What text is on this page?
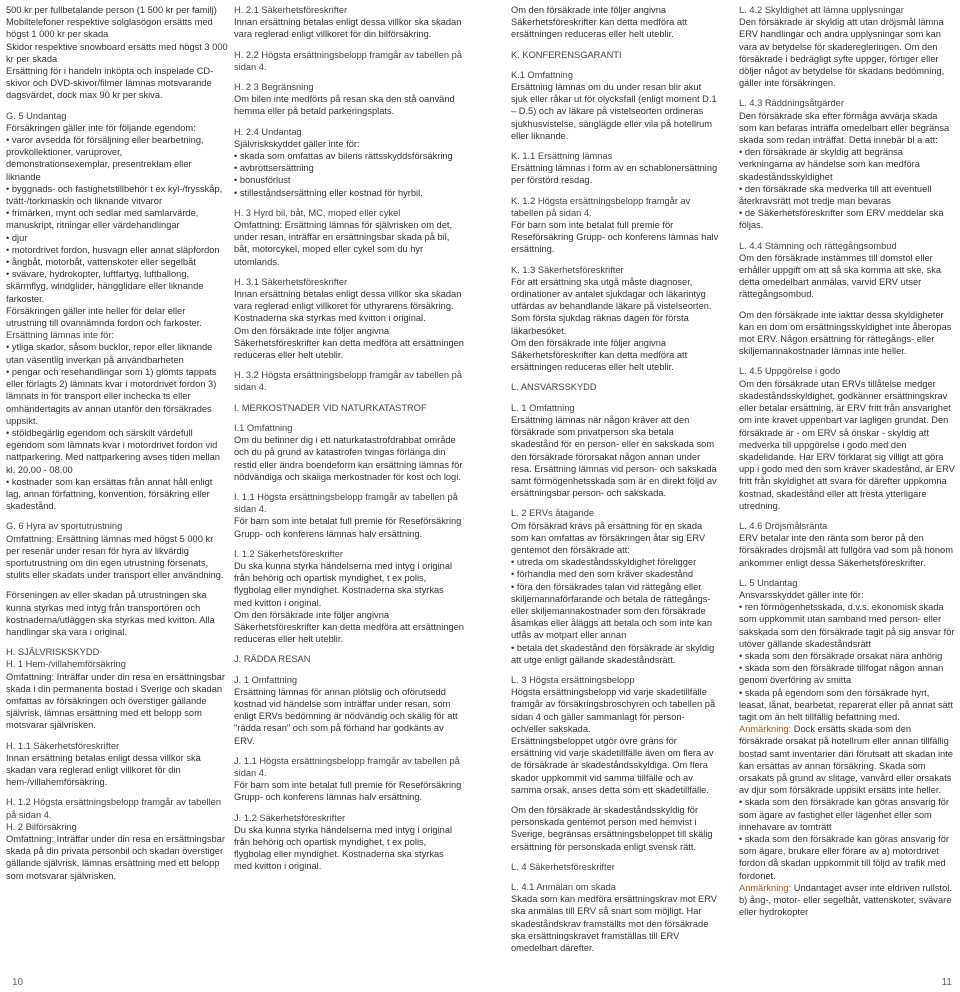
500 kr per fullbetalande person (1 500 kr per familj)

Mobiltelefoner respektive solglasögon ersätts med högst 1 000 kr per skada

Skidor respektive snowboard ersätts med högst 3 000 kr per skada

Ersättning för i handeln inköpta och inspelade CD-skivor och DVD-skivor/filmer lämnas motsvarande dagsvärdet, dock max 90 kr per skiva.

G. 5 Undantag

Försäkringen gäller inte för följande egendom:

• varor avsedda för försäljning eller bearbetning, provkollektioner, varuprover, demonstrationsexemplar, presentreklam eller liknande

• byggnads- och fastighetstillbehör t ex kyl-/frysskåp, tvätt-/torkmaskin och liknande vitvaror

• frimärken, mynt och sedlar med samlarvärde, manuskript, ritningar eller värdehandlingar

• djur

• motordrivet fordon, husvagn eller annat släpfordon

• ångbåt, motorbåt, vattenskoter eller segelbåt

• svävare, hydrokopter, luftfartyg, luftballong, skärmflyg, windglider, hängglidare eller liknande farkoster.

Försäkringen gäller inte heller för delar eller utrustning till ovannämnda fordon och farkoster.

Ersättning lämnas inte för:

• ytliga skador, såsom bucklor, repor eller liknande utan väsentlig inverkan på användbarheten

• pengar och resehandlingar som 1) glömts tappats eller förlagts 2) lämnats kvar i motordrivet fordon 3) lämnats in för transport eller inchecka ts eller omhändertagits av annan utanför den försäkrades uppsikt.

• stöldbegärlig egendom och särskilt värdefull egendom som lämnats kvar i motordrivet fordon vid nattparkering. Med nattparkering avses tiden mellan kl. 20.00 - 08.00

• kostnader som kan ersättas från annat håll enligt lag, annan författning, konvention, försäkring eller skadestånd.

G. 6 Hyra av sportutrustning

Omfattning: Ersättning lämnas med högst 5 000 kr per resenär under resan för hyra av likvärdig sportutrustning om din egen utrustning försenats, stulits eller skadats under transport eller användning.

Förseningen av eller skadan på utrustningen ska kunna styrkas med intyg från transportören och kostnaderna/utläggen ska styrkas med kvitton. Alla handlingar ska vara i original.

H. SJÄLVRISKSKYDD

H. 1 Hem-/villahemförsäkring

Omfattning: Inträffar under din resa en ersättningsbar skada i din permanenta bostad i Sverige och skadan omfattas av försäkringen och överstiger gällande självrisk, lämnas ersättning med ett belopp som motsvarar självrisken.

H. 1.1 Säkerhetsföreskrifter

Innan ersättning betalas enligt dessa villkor ska skadan vara reglerad enligt villkoret för din hem-/villahemförsäkring.

H. 1.2 Högsta ersättningsbelopp framgår av tabellen på sidan 4.

H. 2 Bilförsäkring

Omfattning: Inträffar under din resa en ersättningsbar skada på din privata personbil och skadan överstiger gällande självrisk, lämnas ersättning med ett belopp som motsvarar självrisken.

H. 2.1 Säkerhetsföreskrifter

Innan ersättning betalas enligt dessa villkor ska skadan vara reglerad enligt villkoret för din bilförsäkring.

H. 2.2 Högsta ersättningsbelopp framgår av tabellen på sidan 4.

H. 2 3 Begränsning

Om bilen inte medförts på resan ska den stå oanvänd hemma eller på betald parkeringsplats.

H. 2.4 Undantag

Självriskskyddet gäller inte för:

• skada som omfattas av bilens rättsskyddsförsäkring

• avbrottsersättning

• bonusförlust

• stilleståndsersättning eller kostnad för hyrbil.

H. 3 Hyrd bil, båt, MC, moped eller cykel

Omfattning: Ersättning lämnas för självrisken om det, under resan, inträffar en ersättningsbar skada på bil, båt, motorcykel, moped eller cykel som du hyr utomlands.

H. 3.1 Säkerhetsföreskrifter

Innan ersättning betalas enligt dessa villkor ska skadan vara reglerad enligt villkoret för uthyrarens försäkring. Kostnaderna ska styrkas med kvitton i original.

Om den försäkrade inte följer angivna Säkerhetsföreskrifter kan detta medföra att ersättningen reduceras eller helt uteblir.

H. 3.2 Högsta ersättningsbelopp framgår av tabellen på sidan 4.

I. MERKOSTNADER VID NATURKATASTROF

I.1 Omfattning

Om du befinner dig i ett naturkatastrofdrabbat område och du på grund av katastrofen tvingas förlänga din restid eller ändra boendeform kan ersättning lämnas för nödvändiga och skäliga merkostnader för kost och logi.

I. 1.1 Högsta ersättningsbelopp framgår av tabellen på sidan 4.

För barn som inte betalat full premie för Reseförsäkring Grupp- och konferens lämnas halv ersättning.

I. 1.2 Säkerhetsföreskrifter

Du ska kunna styrka händelserna med intyg i original från behörig och opartisk myndighet, t ex polis, flygbolag eller myndighet. Kostnaderna ska styrkas med kvitton i original.

Om den försäkrade inte följer angivna Säkerhetsföreskrifter kan detta medföra att ersättningen reduceras eller helt uteblir.

J. RÄDDA RESAN

J. 1 Omfattning

Ersättning lämnas för annan plötslig och oförutsedd kostnad vid händelse som inträffar under resan, som enligt ERVs bedömning är nödvändig och skälig för att "rädda resan" och som på förhand har godkänts av ERV.

J. 1.1 Högsta ersättningsbelopp framgår av tabellen på sidan 4.

För barn som inte betalat full premie för Reseförsäkring Grupp- och konferens lämnas halv ersättning.

J. 1.2 Säkerhetsföreskrifter

Du ska kunna styrka händelserna med intyg i original från behörig och opartisk myndighet, t ex polis, flygbolag eller myndighet. Kostnaderna ska styrkas med kvitton i original.

Om den försäkrade inte följer angivna Säkerhetsföreskrifter kan detta medföra att ersättningen reduceras eller helt uteblir.

K. KONFERENSGARANTI

K.1 Omfattning

Ersättning lämnas om du under resan blir akut sjuk eller råkar ut för olycksfall (enligt moment D.1 – D.5) och av läkare på vistelseorten ordineras sjukhusvistelse, sänglägde eller vila på hotellrum eller liknande.

K. 1.1 Ersättning lämnas

Ersättning lämnas i form av en schablonersättning per förstörd resdag.

K. 1.2 Högsta ersättningsbelopp framgår av tabellen på sidan 4.

För barn som inte betalat full premie för Reseförsäkring Grupp- och konferens lämnas halv ersättning.

K. 1.3 Säkerhetsföreskrifter

För att ersättning ska utgå måste diagnoser, ordinationer av antalet sjukdagar och läkarintyg utfärdas av behandlande läkare på vistelseorten. Som första sjukdag räknas dagen för första läkarbesöket.

Om den försäkrade inte följer angivna Säkerhetsföreskrifter kan detta medföra att ersättningen reduceras eller helt uteblir.

L. ANSVARSSKYDD

L. 1 Omfattning

Ersättning lämnas när någon kräver att den försäkrade som privatperson ska betala skadestånd för en person- eller en sakskada som den försäkrade förorsakat någon annan under resa. Ersättning lämnas vid person- och sakskada samt förmögenhetsskada som är en direkt följd av ersättningsbar person- och sakskada.

L. 2 ERVs åtagande

Om försäkrad krävs på ersättning för en skada som kan omfattas av försäkringen åtar sig ERV gentemot den försäkrade att:

• utreda om skadeståndsskyldighet föreligger

• förhandla med den som kräver skadestånd

• föra den försäkrades talan vid rättegång eller skiljemannaförfarande och betala de rättegångs- eller skiljemannakostnader som den försäkrade åsamkas eller åläggs att betala och som inte kan utfås av motpart eller annan

• betala det skadestånd den försäkrade är skyldig att utge enligt gällande skadeståndsrätt.

L. 3 Högsta ersättningsbelopp

Högsta ersättningsbelopp vid varje skadetillfälle framgår av försäkringsbroschyren och tabellen på sidan 4 och gäller sammanlagt för person- och/eller sakskada.

Ersättningsbeloppet utgör övre gräns för ersättning vid varje skadetillfälle även om flera av de försäkrade är skadeståndsskyldiga. Om flera skador uppkommit vid samma tillfälle och av samma orsak, anses detta som ett skadetillfälle.

Om den försäkrade är skadeståndsskyldig för personskada gentemot person med hemvist i Sverige, begränsas ersättningsbeloppet till skälig ersättning för personskada enligt svensk rätt.

L. 4 Säkerhetsföreskrifter

L. 4.1 Anmälan om skada

Skada som kan medföra ersättningskrav mot ERV ska anmälas till ERV så snart som möjligt. Har skadeståndskrav framställts mot den försäkrade ska ersättningskravet framställas till ERV omedelbart därefter.

L. 4.2 Skyldighet att lämna upplysningar

Den försäkrade är skyldig att utan dröjsmål lämna ERV handlingar och andra upplysningar som kan vara av betydelse för skaderegleringen. Om den försäkrade i bedrägligt syfte uppger, förtiger eller döljer något av betydelse för skadans bedömning, gäller inte försäkringen.

L. 4.3 Räddningsåtgärder

Den försäkrade ska efter förmåga avvärja skada som kan befaras inträffa omedelbart eller begränsa skada som redan inträffat. Detta innebär bl a att:

• den försäkrade är skyldig att begränsa verkningarna av händelse som kan medföra skadeståndsskyldighet

• den försäkrade ska medverka till att eventuell återkravsrätt mot tredje man bevaras

• de Säkerhetsföreskrifter som ERV meddelar ska följas.

L. 4.4 Stämning och rättegångsombud

Om den försäkrade instämmes till domstol eller erhåller uppgift om att så ska komma att ske, ska detta omedelbart anmälas, varvid ERV utser rättegångsombud.

Om den försäkrade inte iakttar dessa skyldigheter kan en dom om ersättningsskyldighet inte åberopas mot ERV. Någon ersättning för rättegångs- eller skiljemannakostnader lämnas inte heller.

L. 4.5 Uppgörelse i godo

Om den försäkrade utan ERVs tillåtelse medger skadeståndsskyldighet, godkänner ersättningskrav eller betalar ersättning, är ERV fritt från ansvarighet om inte kravet uppenbart var lagligen grundat. Den försäkrade är - om ERV så önskar - skyldig att medverka till uppgörelse i godo med den skadelidande. Har ERV förklarat sig villigt att göra upp i godo med den som kräver skadestånd, är ERV fritt från skyldighet att svara för därefter uppkomna kostnad, skadestånd eller att fresta ytterligare utredning.

L. 4.6 Dröjsmålsränta

ERV betalar inte den ränta som beror på den försäkrades dröjsmål att fullgöra vad som på honom ankommer enligt dessa Säkerhetsföreskrifter.

L. 5 Undantag

Ansvarsskyddet gäller inte för:

• ren förmögenhetsskada, d.v.s. ekonomisk skada som uppkommit utan samband med person- eller sakskada som den försäkrade tagit på sig ansvar för utöver gällande skadeståndsrätt

• skada som den försäkrade orsakat nära anhörig

• skada som den försäkrade tillfogat någon annan genom överföring av smitta

• skada på egendom som den försäkrade hyrt, leasat, lånat, bearbetat, reparerat eller på annat sätt tagit om än helt tillfällig befattning med.

Anmärkning: Dock ersätts skada som den försäkrade orsakat på hotellrum eller annan tillfällig bostad samt inventarier däri förutsatt att skadan inte kan ersättas av annan försäkring. Skada som orsakats på grund av slitage, vanvård eller orsakats av djur som försäkrade uppsikt ersätts inte heller.

• skada som den försäkrade kan göras ansvarig för som ägare av fastighet eller lägenhet eller som innehavare av tomträtt

• skada som den försäkrade kan göras ansvarig för som ägare, brukare eller förare av a) motordrivet fordon då skadan uppkommit till följd av trafik med fordonet.

Anmärkning: Undantaget avser inte eldriven rullstol. b) ång-, motor- eller segelbåt, vattenskoter, svävare eller hydrokopter

10	11
